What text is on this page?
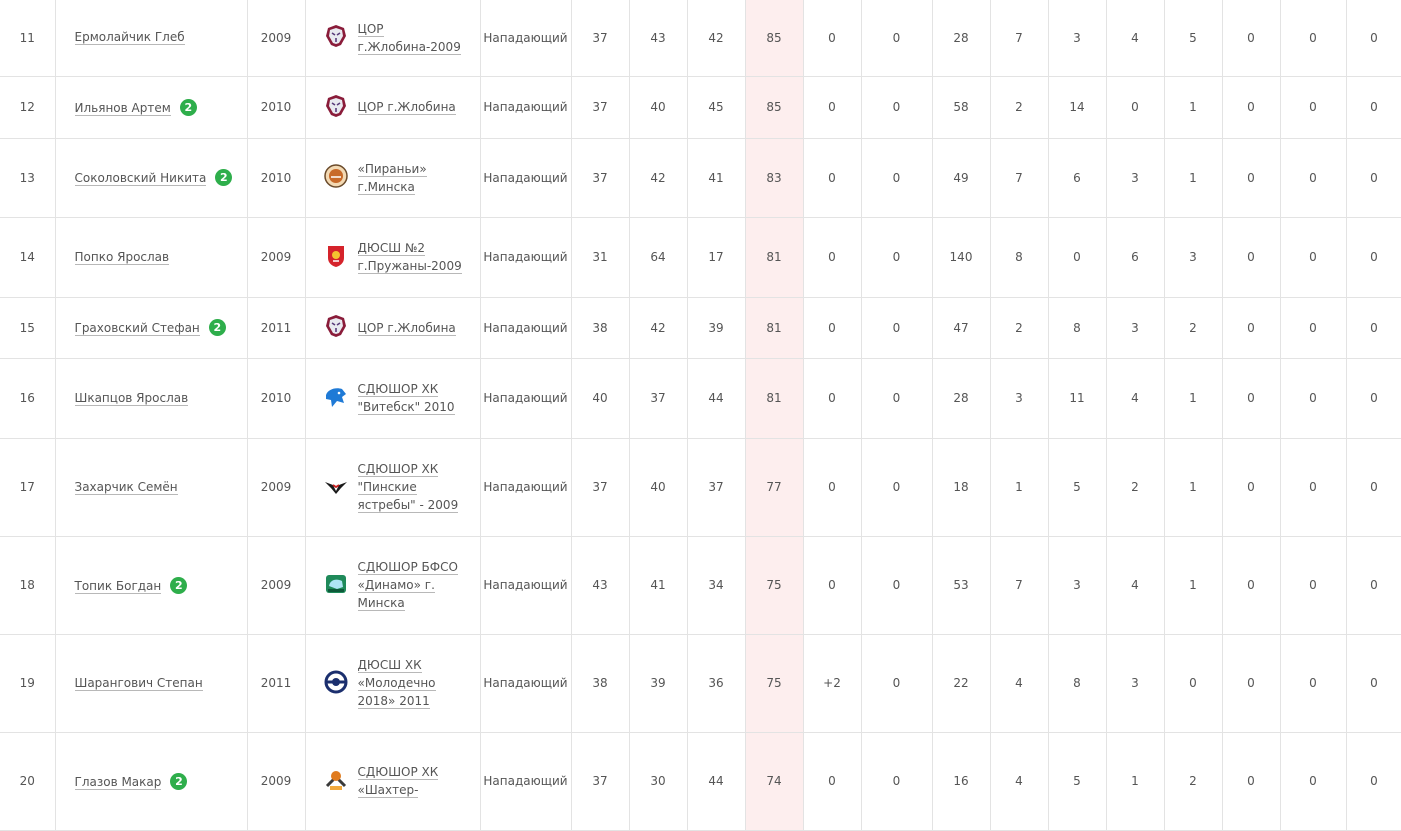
11	Ермолайчик Глеб	2009	ЦОР
г.Жлобина-2009	Нападающий	37	43	42	85	0	0	28	7	3	4	5	0	0	0
12	Ильянов Артем 2	2010	ЦОР г.Жлобина	Нападающий	37	40	45	85	0	0	58	2	14	0	1	0	0	0
13	Соколовский Никита 2	2010	«Пираньи»
г.Минска	Нападающий	37	42	41	83	0	0	49	7	6	3	1	0	0	0
14	Попко Ярослав	2009	ДЮСШ №2
г.Пружаны-2009	Нападающий	31	64	17	81	0	0	140	8	0	6	3	0	0	0
15	Граховский Стефан 2	2011	ЦОР г.Жлобина	Нападающий	38	42	39	81	0	0	47	2	8	3	2	0	0	0
16	Шкапцов Ярослав	2010	СДЮШОР ХК
"Витебск" 2010	Нападающий	40	37	44	81	0	0	28	3	11	4	1	0	0	0
17	Захарчик Семён	2009	СДЮШОР ХК
"Пинские
ястребы" - 2009	Нападающий	37	40	37	77	0	0	18	1	5	2	1	0	0	0
18	Топик Богдан 2	2009	СДЮШОР БФСО
«Динамо» г.
Минска	Нападающий	43	41	34	75	0	0	53	7	3	4	1	0	0	0
19	Шарангович Степан	2011	ДЮСШ ХК
«Молодечно
2018» 2011	Нападающий	38	39	36	75	+2	0	22	4	8	3	0	0	0	0
20	Глазов Макар 2	2009	СДЮШОР ХК
«Шахтер-	Нападающий	37	30	44	74	0	0	16	4	5	1	2	0	0	0
